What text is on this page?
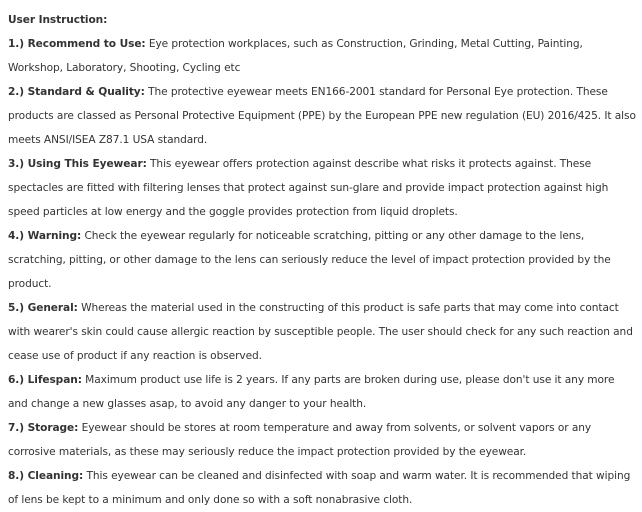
User Instruction:

1.) Recommend to Use: Eye protection workplaces, such as Construction, Grinding, Metal Cutting, Painting, Workshop, Laboratory, Shooting, Cycling etc

2.) Standard & Quality: The protective eyewear meets EN166-2001 standard for Personal Eye protection. These products are classed as Personal Protective Equipment (PPE) by the European PPE new regulation (EU) 2016/425. It also meets ANSI/ISEA Z87.1 USA standard.

3.) Using This Eyewear: This eyewear offers protection against describe what risks it protects against. These spectacles are fitted with filtering lenses that protect against sun-glare and provide impact protection against high speed particles at low energy and the goggle provides protection from liquid droplets.

4.) Warning: Check the eyewear regularly for noticeable scratching, pitting or any other damage to the lens, scratching, pitting, or other damage to the lens can seriously reduce the level of impact protection provided by the product.

5.) General: Whereas the material used in the constructing of this product is safe parts that may come into contact with wearer's skin could cause allergic reaction by susceptible people. The user should check for any such reaction and cease use of product if any reaction is observed.

6.) Lifespan: Maximum product use life is 2 years. If any parts are broken during use, please don't use it any more and change a new glasses asap, to avoid any danger to your health.

7.) Storage: Eyewear should be stores at room temperature and away from solvents, or solvent vapors or any corrosive materials, as these may seriously reduce the impact protection provided by the eyewear.

8.) Cleaning: This eyewear can be cleaned and disinfected with soap and warm water. It is recommended that wiping of lens be kept to a minimum and only done so with a soft nonabrasive cloth.
